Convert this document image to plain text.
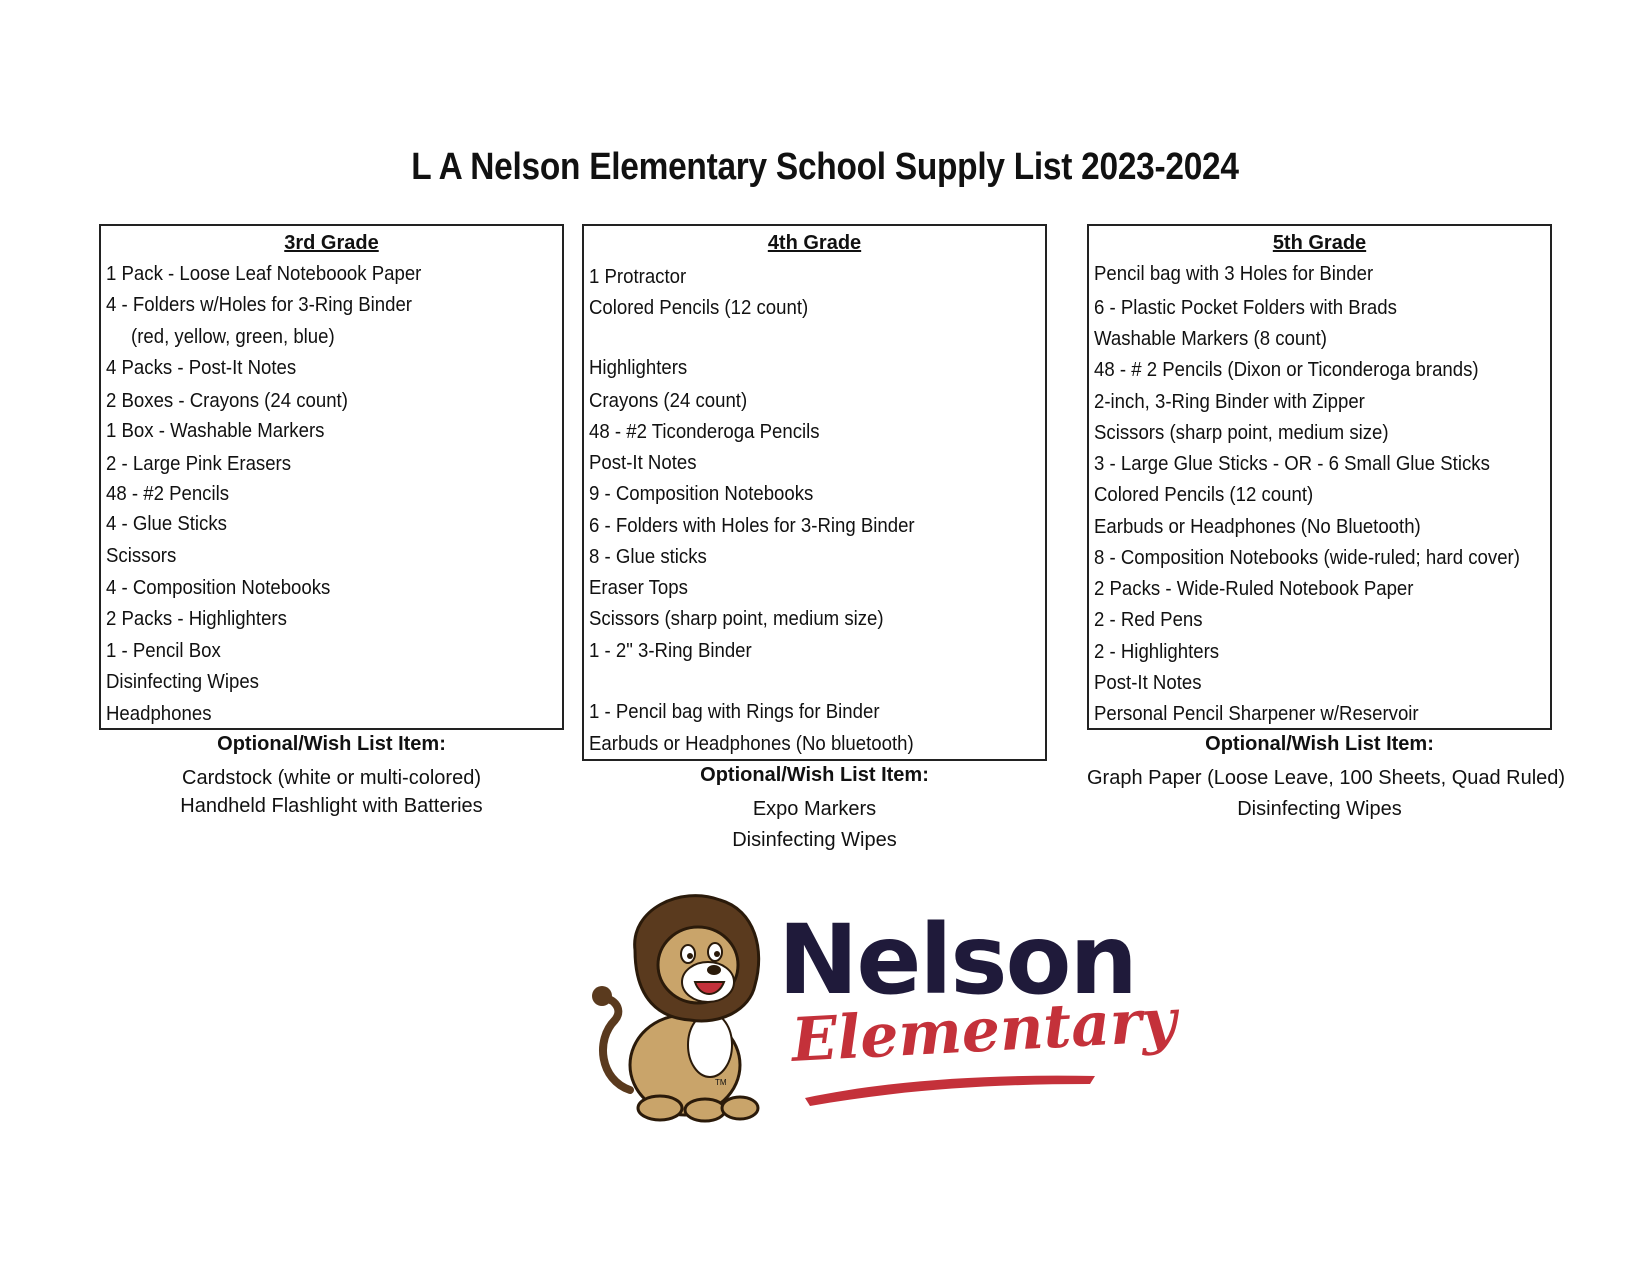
L A Nelson Elementary School Supply List 2023-2024
3rd Grade
1 Pack - Loose Leaf Noteboook Paper
4 - Folders w/Holes for 3-Ring Binder
(red, yellow, green, blue)
4 Packs - Post-It Notes
2 Boxes - Crayons (24 count)
1 Box - Washable Markers
2 - Large Pink Erasers
48 - #2 Pencils
4 - Glue Sticks
Scissors
4 - Composition Notebooks
2 Packs - Highlighters
1 - Pencil Box
Disinfecting Wipes
Headphones
Optional/Wish List Item:
Cardstock (white or multi-colored)
Handheld Flashlight with Batteries
4th Grade
1 Protractor
Colored Pencils (12 count)
Highlighters
Crayons (24 count)
48 - #2 Ticonderoga Pencils
Post-It Notes
9 - Composition Notebooks
6 - Folders with Holes for 3-Ring Binder
8 - Glue sticks
Eraser Tops
Scissors (sharp point, medium size)
1 - 2" 3-Ring Binder
1 - Pencil bag with Rings for Binder
Earbuds or Headphones (No bluetooth)
Optional/Wish List Item:
Expo Markers
Disinfecting Wipes
5th Grade
Pencil bag with 3 Holes for Binder
6 - Plastic Pocket Folders with Brads
Washable Markers (8 count)
48 - # 2 Pencils (Dixon or Ticonderoga brands)
2-inch, 3-Ring Binder with Zipper
Scissors (sharp point, medium size)
3 - Large Glue Sticks - OR - 6 Small Glue Sticks
Colored Pencils (12 count)
Earbuds or Headphones (No Bluetooth)
8 - Composition Notebooks (wide-ruled; hard cover)
2 Packs - Wide-Ruled Notebook Paper
2 - Red Pens
2 - Highlighters
Post-It Notes
Personal Pencil Sharpener w/Reservoir
Optional/Wish List Item:
Graph Paper (Loose Leave, 100 Sheets, Quad Ruled)
Disinfecting Wipes
TM
Nelson
Elementary
